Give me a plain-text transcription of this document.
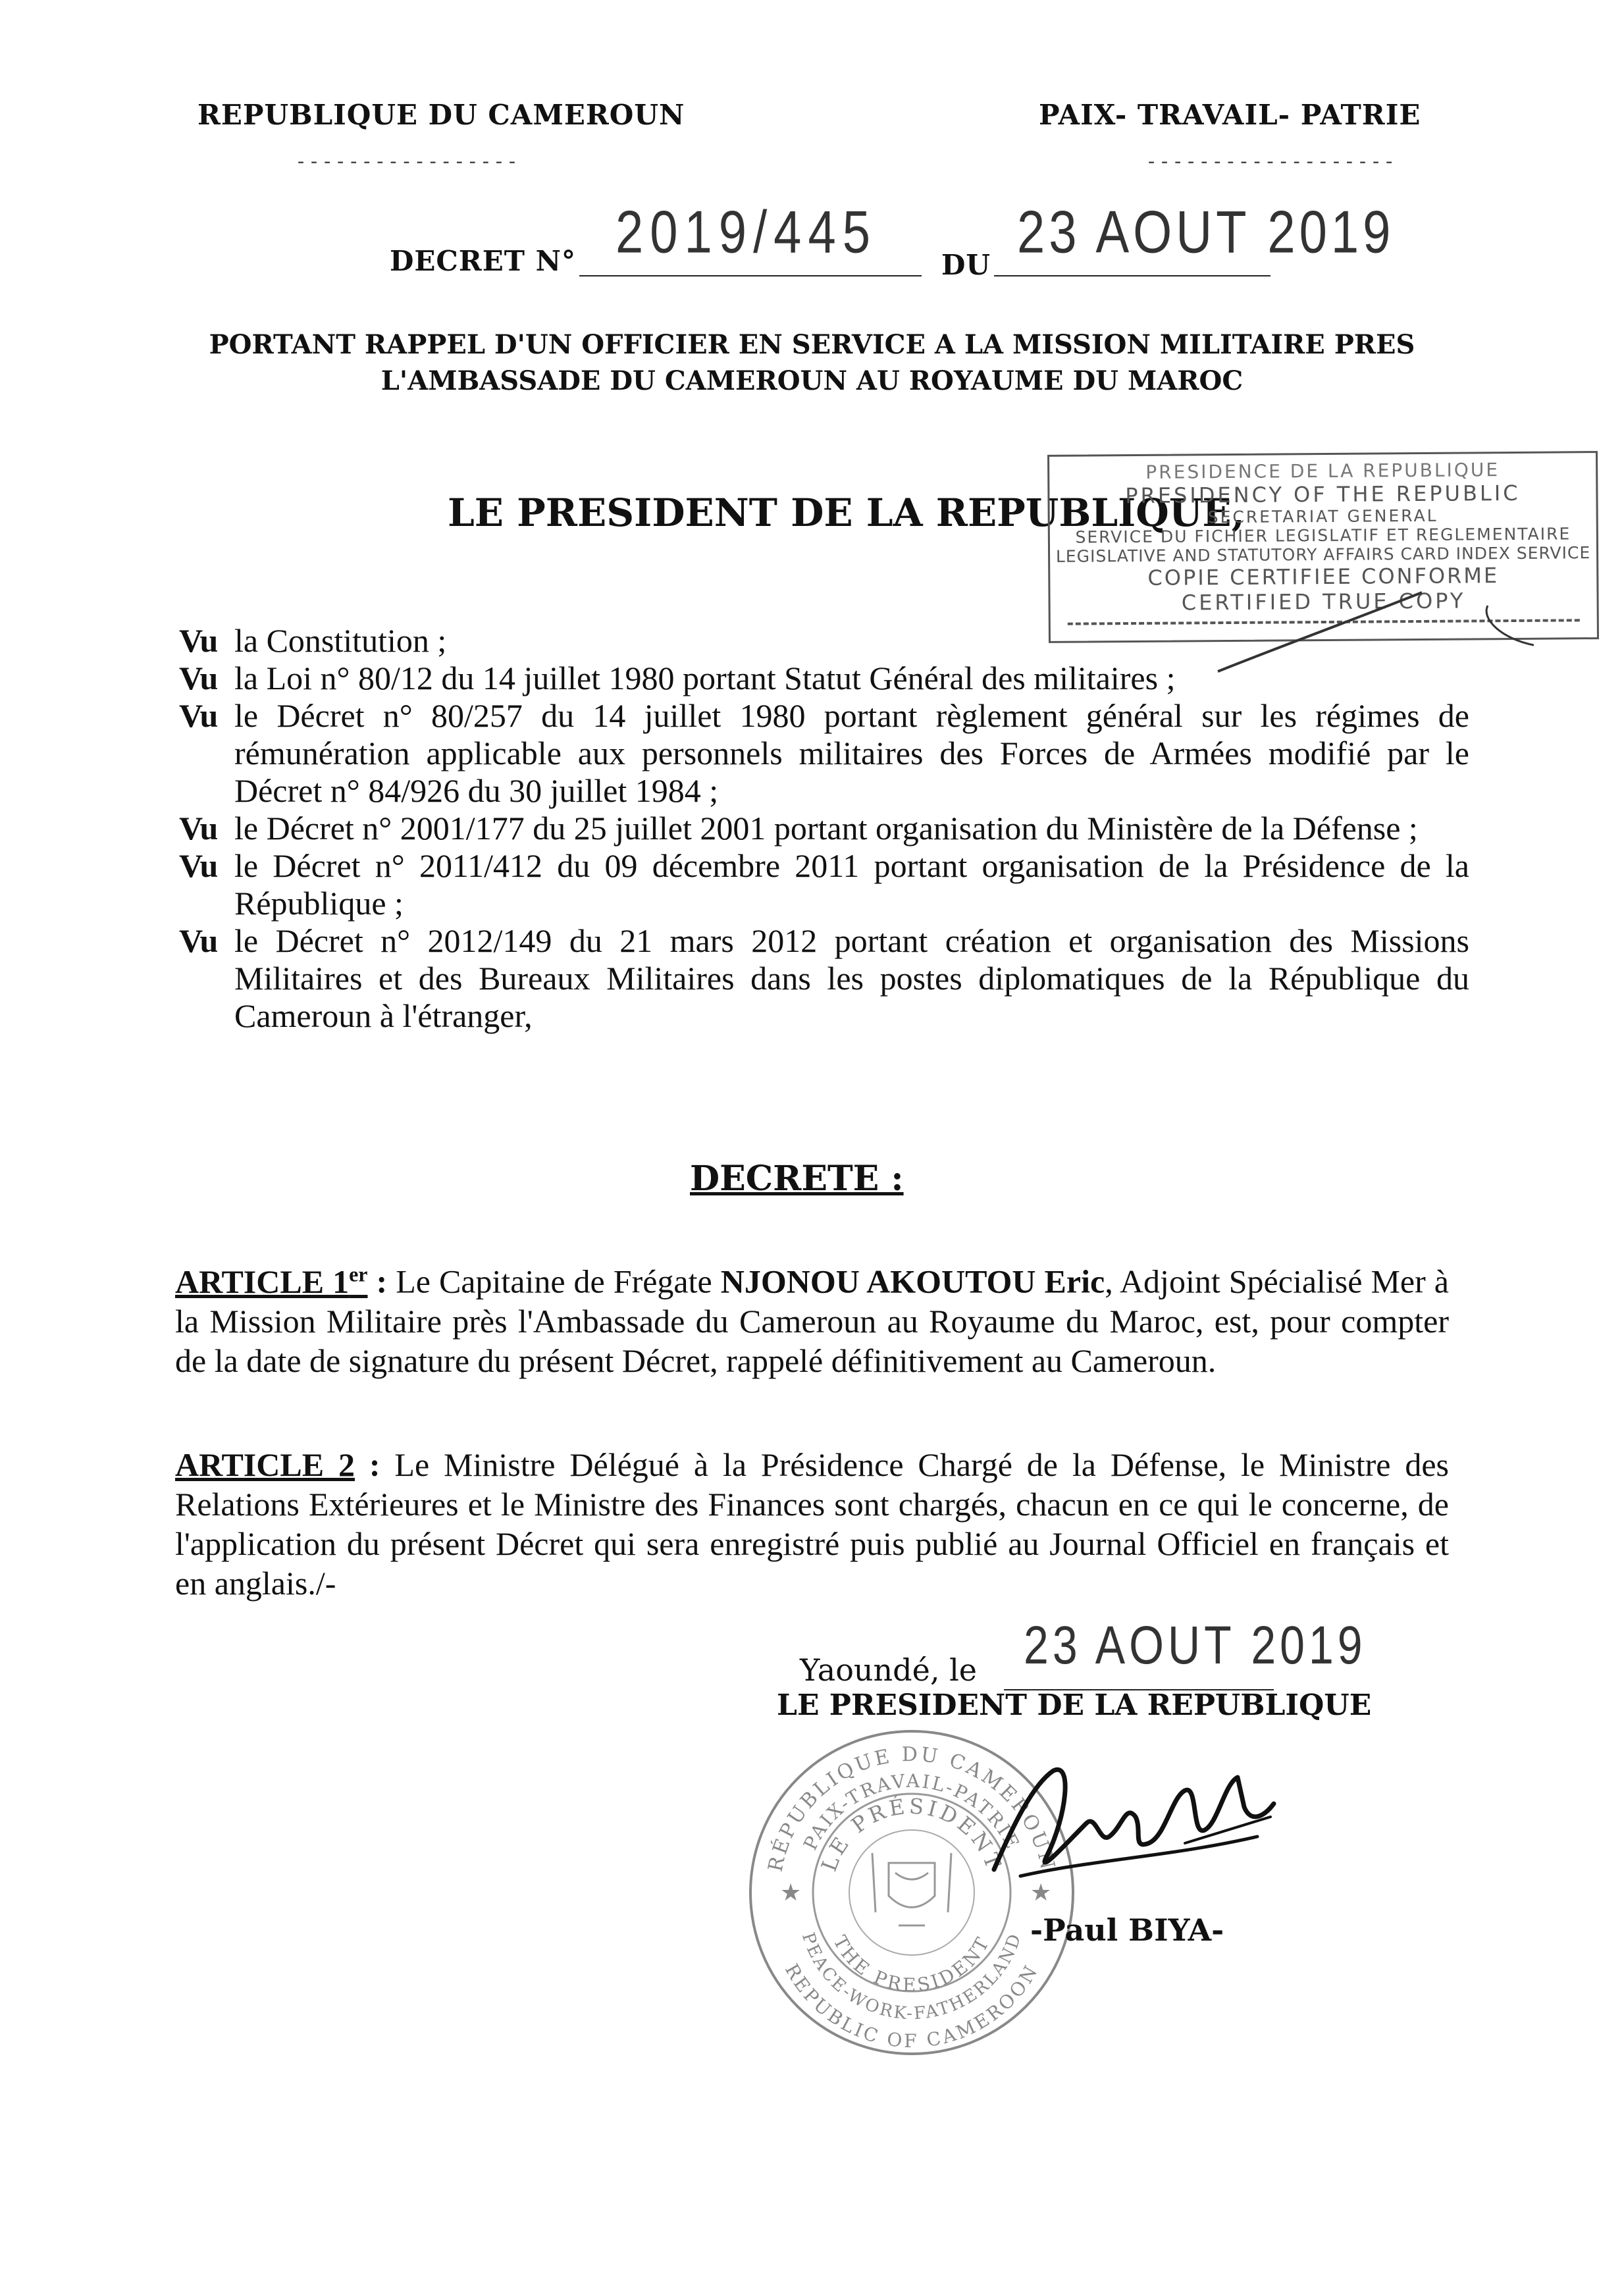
REPUBLIQUE DU CAMEROUN
-----------------
PAIX- TRAVAIL- PATRIE
-------------------
DECRET N° 2019/445 DU 23 AOUT 2019
PORTANT RAPPEL D'UN OFFICIER EN SERVICE A LA MISSION MILITAIRE PRES
L'AMBASSADE DU CAMEROUN AU ROYAUME DU MAROC
LE PRESIDENT DE LA REPUBLIQUE,
PRESIDENCE DE LA REPUBLIQUE
PRESIDENCY OF THE REPUBLIC
SECRETARIAT GENERAL
SERVICE DU FICHIER LEGISLATIF ET REGLEMENTAIRE
LEGISLATIVE AND STATUTORY AFFAIRS CARD INDEX SERVICE
COPIE CERTIFIEE CONFORME
CERTIFIED TRUE COPY
Vu la Constitution ;
Vu la Loi n° 80/12 du 14 juillet 1980 portant Statut Général des militaires ;
Vu le Décret n° 80/257 du 14 juillet 1980 portant règlement général sur les régimes de rémunération applicable aux personnels militaires des Forces de Armées modifié par le Décret n° 84/926 du 30 juillet 1984 ;
Vu le Décret n° 2001/177 du 25 juillet 2001 portant organisation du Ministère de la Défense ;
Vu le Décret n° 2011/412 du 09 décembre 2011 portant organisation de la Présidence de la République ;
Vu le Décret n° 2012/149 du 21 mars 2012 portant création et organisation des Missions Militaires et des Bureaux Militaires dans les postes diplomatiques de la République du Cameroun à l'étranger,
DECRETE :
ARTICLE 1er : Le Capitaine de Frégate NJONOU AKOUTOU Eric, Adjoint Spécialisé Mer à la Mission Militaire près l'Ambassade du Cameroun au Royaume du Maroc, est, pour compter de la date de signature du présent Décret, rappelé définitivement au Cameroun.
ARTICLE 2 : Le Ministre Délégué à la Présidence Chargé de la Défense, le Ministre des Relations Extérieures et le Ministre des Finances sont chargés, chacun en ce qui le concerne, de l'application du présent Décret qui sera enregistré puis publié au Journal Officiel en français et en anglais./-
Yaoundé, le 23 AOUT 2019
LE PRESIDENT DE LA REPUBLIQUE
RÉPUBLIQUE DU CAMEROUN
PAIX-TRAVAIL-PATRIE
LE PRÉSIDENT
THE PRESIDENT
PEACE-WORK-FATHERLAND
REPUBLIC OF CAMEROON
★	★
-Paul BIYA-
